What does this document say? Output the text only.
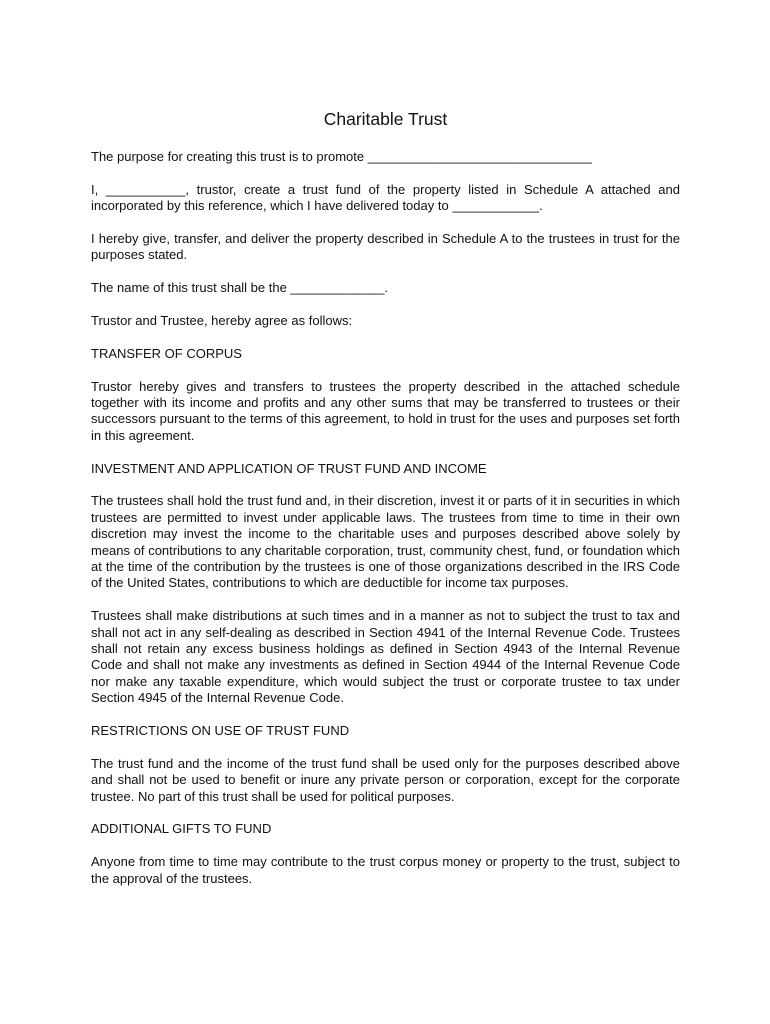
Charitable Trust

The purpose for creating this trust is to promote _______________________________

I, ___________, trustor, create a trust fund of the property listed in Schedule A attached and incorporated by this reference, which I have delivered today to ____________.

I hereby give, transfer, and deliver the property described in Schedule A to the trustees in trust for the purposes stated.

The name of this trust shall be the _____________.

Trustor and Trustee, hereby agree as follows:

TRANSFER OF CORPUS

Trustor hereby gives and transfers to trustees the property described in the attached schedule together with its income and profits and any other sums that may be transferred to trustees or their successors pursuant to the terms of this agreement, to hold in trust for the uses and purposes set forth in this agreement.

INVESTMENT AND APPLICATION OF TRUST FUND AND INCOME

The trustees shall hold the trust fund and, in their discretion, invest it or parts of it in securities in which trustees are permitted to invest under applicable laws. The trustees from time to time in their own discretion may invest the income to the charitable uses and purposes described above solely by means of contributions to any charitable corporation, trust, community chest, fund, or foundation which at the time of the contribution by the trustees is one of those organizations described in the IRS Code of the United States, contributions to which are deductible for income tax purposes.

Trustees shall make distributions at such times and in a manner as not to subject the trust to tax and shall not act in any self-dealing as described in Section 4941 of the Internal Revenue Code. Trustees shall not retain any excess business holdings as defined in Section 4943 of the Internal Revenue Code and shall not make any investments as defined in Section 4944 of the Internal Revenue Code nor make any taxable expenditure, which would subject the trust or corporate trustee to tax under Section 4945 of the Internal Revenue Code.

RESTRICTIONS ON USE OF TRUST FUND

The trust fund and the income of the trust fund shall be used only for the purposes described above and shall not be used to benefit or inure any private person or corporation, except for the corporate trustee. No part of this trust shall be used for political purposes.

ADDITIONAL GIFTS TO FUND

Anyone from time to time may contribute to the trust corpus money or property to the trust, subject to the approval of the trustees.
